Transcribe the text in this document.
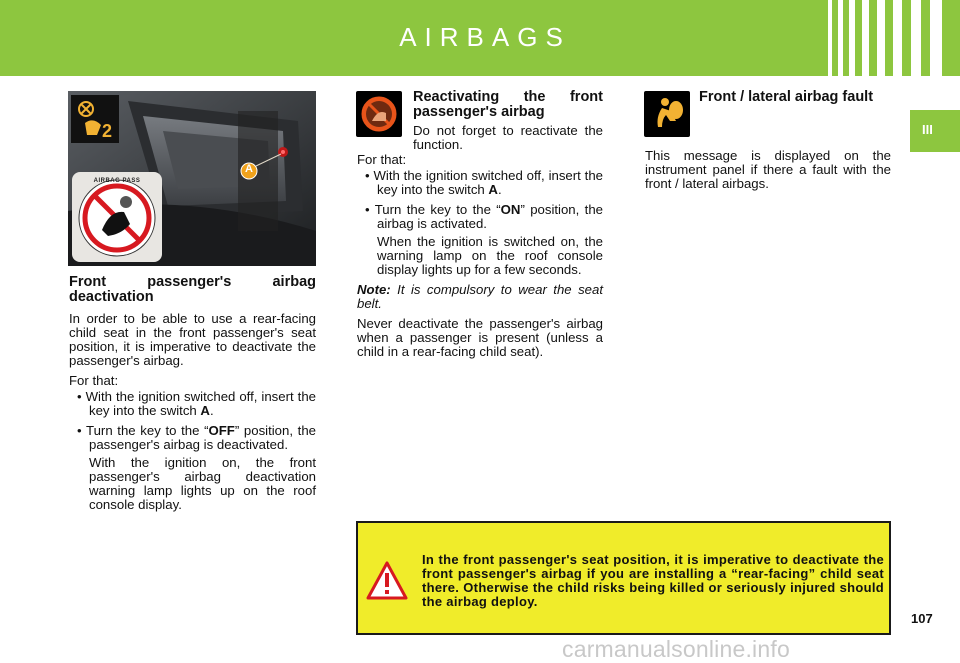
AIRBAGS
III
2
A
AIRBAG PASS
Front passenger's airbag deactivation

In order to be able to use a rear-facing child seat in the front passenger's seat position, it is imperative to deactivate the passenger's airbag.

For that:

• With the ignition switched off, insert the key into the switch A.

• Turn the key to the “OFF” position, the passenger's airbag is deactivated.

With the ignition on, the front passenger's airbag deactivation warning lamp lights up on the roof console display.

Reactivating the front passenger's airbag

Do not forget to reactivate the function.

For that:

• With the ignition switched off, insert the key into the switch A.

• Turn the key to the “ON” position, the airbag is activated.

When the ignition is switched on, the warning lamp on the roof console display lights up for a few seconds.

Note: It is compulsory to wear the seat belt.

Never deactivate the passenger's airbag when a passenger is present (unless a child in a rear-facing child seat).

Front / lateral airbag fault

This message is displayed on the instrument panel if there a fault with the front / lateral airbags.

In the front passenger's seat position, it is imperative to deactivate the front passenger's airbag if you are installing a “rear-facing” child seat there. Otherwise the child risks being killed or seriously injured should the airbag deploy.
107
carmanualsonline.info
